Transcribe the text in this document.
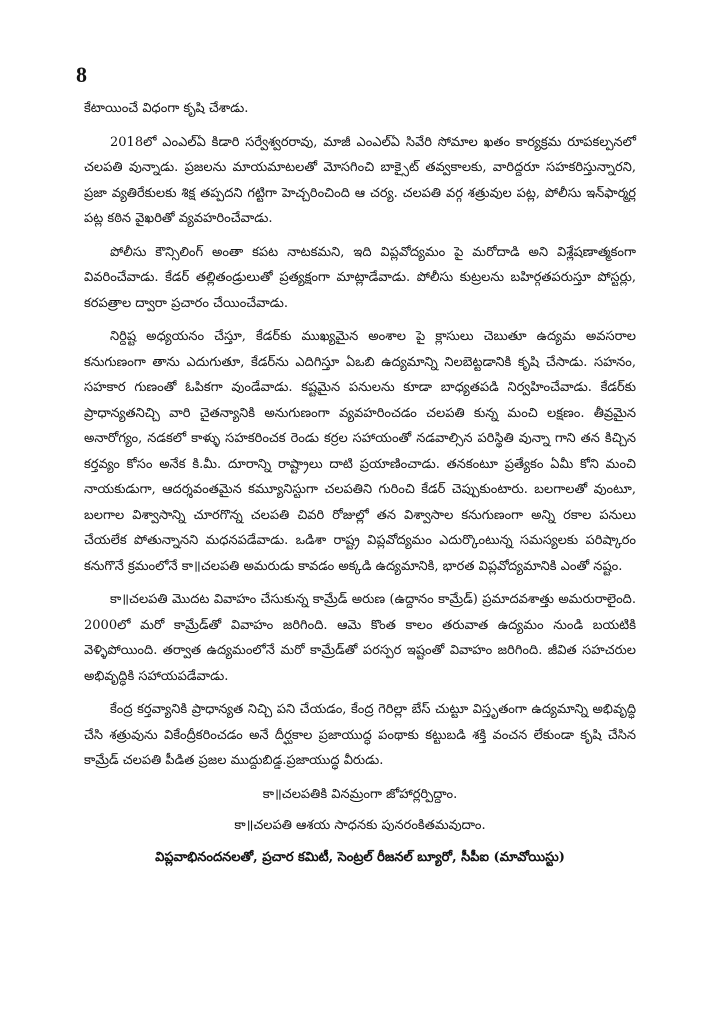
8

కేటాయించే విధంగా కృషి చేశాడు.

2018లో ఎంఎల్ఏ కిడారి సర్వేశ్వరరావు, మాజీ ఎంఎల్ఏ సివేరి సోమాల ఖతం కార్యక్రమ రూపకల్పనలో చలపతి వున్నాడు. ప్రజలను మాయమాటలతో మోసగించి బాక్సైట్ తవ్వకాలకు, వారిద్దరూ సహకరిస్తున్నారని, ప్రజా వ్యతిరేకులకు శిక్ష తప్పదని గట్టిగా హెచ్చరించింది ఆ చర్య. చలపతి వర్గ శత్రువుల పట్ల, పోలీసు ఇన్‌ఫార్మర్ల పట్ల కఠిన వైఖరితో వ్యవహరించేవాడు.

పోలీసు కౌన్సిలింగ్ అంతా కపట నాటకమని, ఇది విప్లవోద్యమం పై మరోదాడి అని విశ్లేషణాత్మకంగా వివరించేవాడు. కేడర్ తల్లితండ్రులుతో ప్రత్యక్షంగా మాట్లాడేవాడు. పోలీసు కుట్రలను బహిర్గతపరుస్తూ పోస్టర్లు, కరపత్రాల ద్వారా ప్రచారం చేయించేవాడు.

నిర్దిష్ట అధ్యయనం చేస్తూ, కేడర్‌కు ముఖ్యమైన అంశాల పై క్లాసులు చెబుతూ ఉద్యమ అవసరాల కనుగుణంగా తాను ఎదుగుతూ, కేడర్‌ను ఎదిగిస్తూ ఏఒబి ఉద్యమాన్ని నిలబెట్టడానికి కృషి చేసాడు. సహనం, సహకార గుణంతో ఓపికగా వుండేవాడు. కష్టమైన పనులను కూడా బాధ్యతపడి నిర్వహించేవాడు. కేడర్‌కు ప్రాధాన్యతనిచ్చి వారి చైతన్యానికి అనుగుణంగా వ్యవహరించడం చలపతి కున్న మంచి లక్షణం. తీవ్రమైన అనారోగ్యం, నడకలో కాళ్ళు సహకరించక రెండు కర్రల సహాయంతో నడవాల్సిన పరిస్థితి వున్నా గాని తన కిచ్చిన కర్తవ్యం కోసం అనేక కి.మీ. దూరాన్ని రాష్ట్రాలు దాటి ప్రయాణించాడు. తనకంటూ ప్రత్యేకం ఏమీ కోని మంచి నాయకుడుగా, ఆదర్శవంతమైన కమ్యూనిస్టుగా చలపతిని గురించి కేడర్ చెప్పుకుంటారు. బలగాలతో వుంటూ, బలగాల విశ్వాసాన్ని చూరగొన్న చలపతి చివరి రోజుల్లో తన విశ్వాసాల కనుగుణంగా అన్ని రకాల పనులు చేయలేక పోతున్నానని మధనపడేవాడు. ఒడిశా రాష్ట్ర విప్లవోద్యమం ఎదుర్కొంటున్న సమస్యలకు పరిష్కారం కనుగొనే క్రమంలోనే కా॥చలపతి అమరుడు కావడం అక్కడి ఉద్యమానికి, భారత విప్లవోద్యమానికి ఎంతో నష్టం.

కా॥చలపతి మొదట వివాహం చేసుకున్న కామ్రేడ్ అరుణ (ఉద్దానం కామ్రేడ్) ప్రమాదవశాత్తు అమరురాలైంది. 2000లో మరో కామ్రేడ్‌తో వివాహం జరిగింది. ఆమె కొంత కాలం తరువాత ఉద్యమం నుండి బయటికి వెళ్ళిపోయింది. తర్వాత ఉద్యమంలోనే మరో కామ్రేడ్‌తో పరస్పర ఇష్టంతో వివాహం జరిగింది. జీవిత సహచరుల అభివృద్ధికి సహాయపడేవాడు.

కేంద్ర కర్తవ్యానికి ప్రాధాన్యత నిచ్చి పని చేయడం, కేంద్ర గెరిల్లా బేస్ చుట్టూ విస్తృతంగా ఉద్యమాన్ని అభివృద్ధి చేసి శత్రువును వికేంద్రీకరించడం అనే దీర్ఘకాల ప్రజాయుద్ధ పంథాకు కట్టుబడి శక్తి వంచన లేకుండా కృషి చేసిన కామ్రేడ్ చలపతి పీడిత ప్రజల ముద్దుబిడ్డ.ప్రజాయుద్ధ వీరుడు.

కా॥చలపతికి వినమ్రంగా జోహార్లర్పిద్దాం.
కా॥చలపతి ఆశయ సాధనకు పునరంకితమవుదాం.
విప్లవాభినందనలతో, ప్రచార కమిటీ, సెంట్రల్ రీజనల్ బ్యూరో, సీపీఐ (మావోయిస్టు)
